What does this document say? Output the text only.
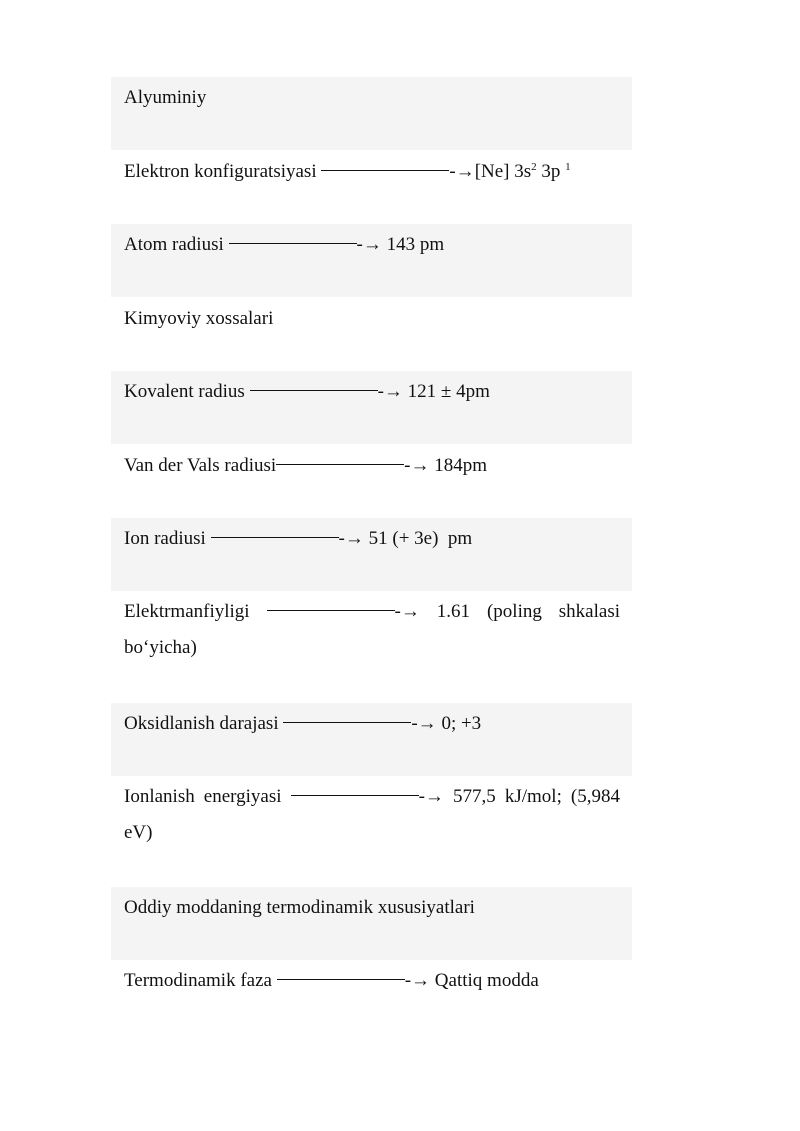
Alyuminiy
Elektron konfiguratsiyasi	-→[Ne] $3s^2$ 3p $^1$
Atom radiusi	-→ 143 pm
Kimyoviy xossalari
Kovalent radius	-→ 121 ± 4pm
Van der Vals radiusi	-→ 184pm
Ion radiusi	-→ 51 (+ 3e)  pm
Elektrmanfiyligi	-→ 1.61 (poling shkalasi bo‘yicha)
Oksidlanish darajasi	-→ 0; +3
Ionlanish energiyasi	-→ 577,5 kJ/mol; (5,984 eV)
Oddiy moddaning termodinamik xususiyatlari
Termodinamik faza	-→ Qattiq modda
